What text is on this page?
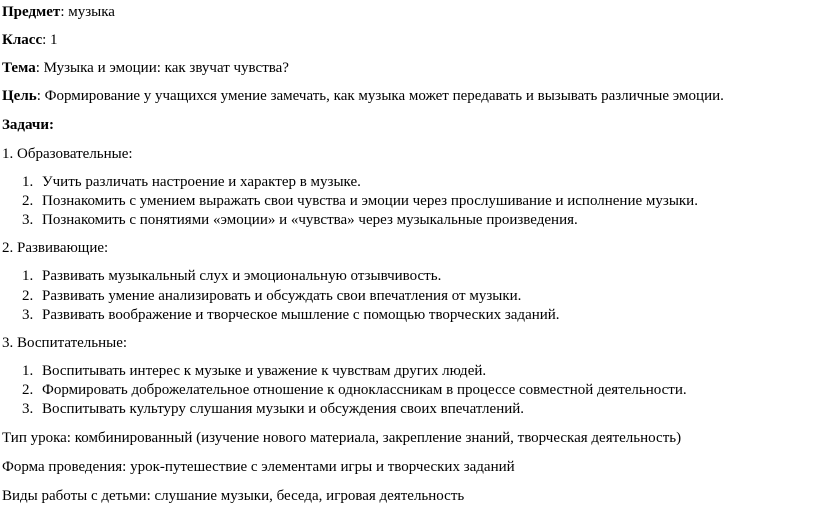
Предмет: музыка
Класс: 1
Тема: Музыка и эмоции: как звучат чувства?
Цель: Формирование у учащихся умение замечать, как музыка может передавать и вызывать различные эмоции.
Задачи:
1. Образовательные:
1. Учить различать настроение и характер в музыке.
2. Познакомить с умением выражать свои чувства и эмоции через прослушивание и исполнение музыки.
3. Познакомить с понятиями «эмоции» и «чувства» через музыкальные произведения.
2. Развивающие:
1. Развивать музыкальный слух и эмоциональную отзывчивость.
2. Развивать умение анализировать и обсуждать свои впечатления от музыки.
3. Развивать воображение и творческое мышление с помощью творческих заданий.
3. Воспитательные:
1. Воспитывать интерес к музыке и уважение к чувствам других людей.
2. Формировать доброжелательное отношение к одноклассникам в процессе совместной деятельности.
3. Воспитывать культуру слушания музыки и обсуждения своих впечатлений.
Тип урока: комбинированный (изучение нового материала, закрепление знаний, творческая деятельность)
Форма проведения: урок-путешествие с элементами игры и творческих заданий
Виды работы с детьми: слушание музыки, беседа, игровая деятельность
